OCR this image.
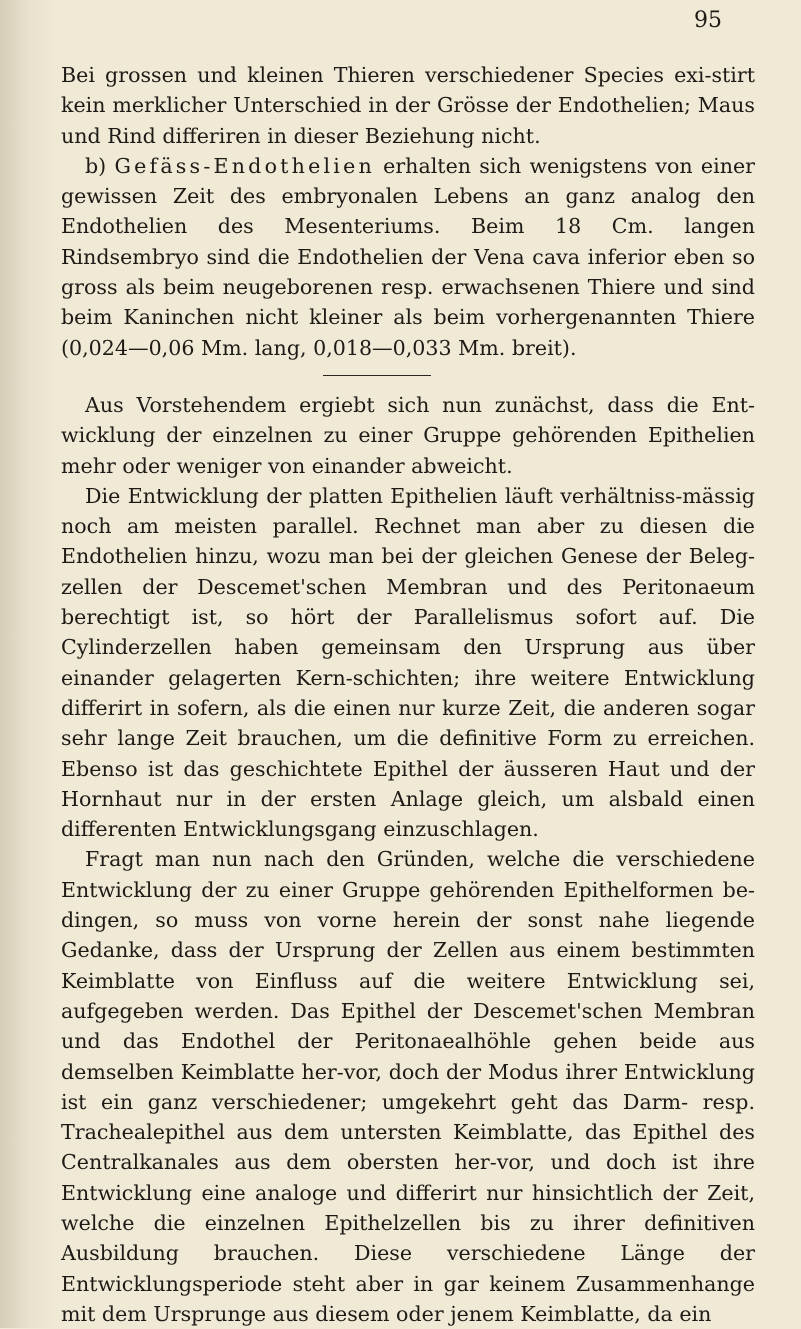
95

Bei grossen und kleinen Thieren verschiedener Species exi-stirt kein merklicher Unterschied in der Grösse der Endothelien; Maus und Rind differiren in dieser Beziehung nicht.

b) Gefäss-Endothelien erhalten sich wenigstens von einer gewissen Zeit des embryonalen Lebens an ganz analog den Endothelien des Mesenteriums. Beim 18 Cm. langen Rindsembryo sind die Endothelien der Vena cava inferior eben so gross als beim neugeborenen resp. erwachsenen Thiere und sind beim Kaninchen nicht kleiner als beim vorhergenannten Thiere (0,024—0,06 Mm. lang, 0,018—0,033 Mm. breit).

Aus Vorstehendem ergiebt sich nun zunächst, dass die Ent-wicklung der einzelnen zu einer Gruppe gehörenden Epithelien mehr oder weniger von einander abweicht.

Die Entwicklung der platten Epithelien läuft verhältniss-mässig noch am meisten parallel. Rechnet man aber zu diesen die Endothelien hinzu, wozu man bei der gleichen Genese der Beleg-zellen der Descemet'schen Membran und des Peritonaeum berechtigt ist, so hört der Parallelismus sofort auf. Die Cylinderzellen haben gemeinsam den Ursprung aus über einander gelagerten Kern-schichten; ihre weitere Entwicklung differirt in sofern, als die einen nur kurze Zeit, die anderen sogar sehr lange Zeit brauchen, um die definitive Form zu erreichen. Ebenso ist das geschichtete Epithel der äusseren Haut und der Hornhaut nur in der ersten Anlage gleich, um alsbald einen differenten Entwicklungsgang einzuschlagen.

Fragt man nun nach den Gründen, welche die verschiedene Entwicklung der zu einer Gruppe gehörenden Epithelformen be-dingen, so muss von vorne herein der sonst nahe liegende Gedanke, dass der Ursprung der Zellen aus einem bestimmten Keimblatte von Einfluss auf die weitere Entwicklung sei, aufgegeben werden. Das Epithel der Descemet'schen Membran und das Endothel der Peritonaealhöhle gehen beide aus demselben Keimblatte her-vor, doch der Modus ihrer Entwicklung ist ein ganz verschiedener; umgekehrt geht das Darm- resp. Trachealepithel aus dem untersten Keimblatte, das Epithel des Centralkanales aus dem obersten her-vor, und doch ist ihre Entwicklung eine analoge und differirt nur hinsichtlich der Zeit, welche die einzelnen Epithelzellen bis zu ihrer definitiven Ausbildung brauchen. Diese verschiedene Länge der Entwicklungsperiode steht aber in gar keinem Zusammenhange mit dem Ursprunge aus diesem oder jenem Keimblatte, da ein
